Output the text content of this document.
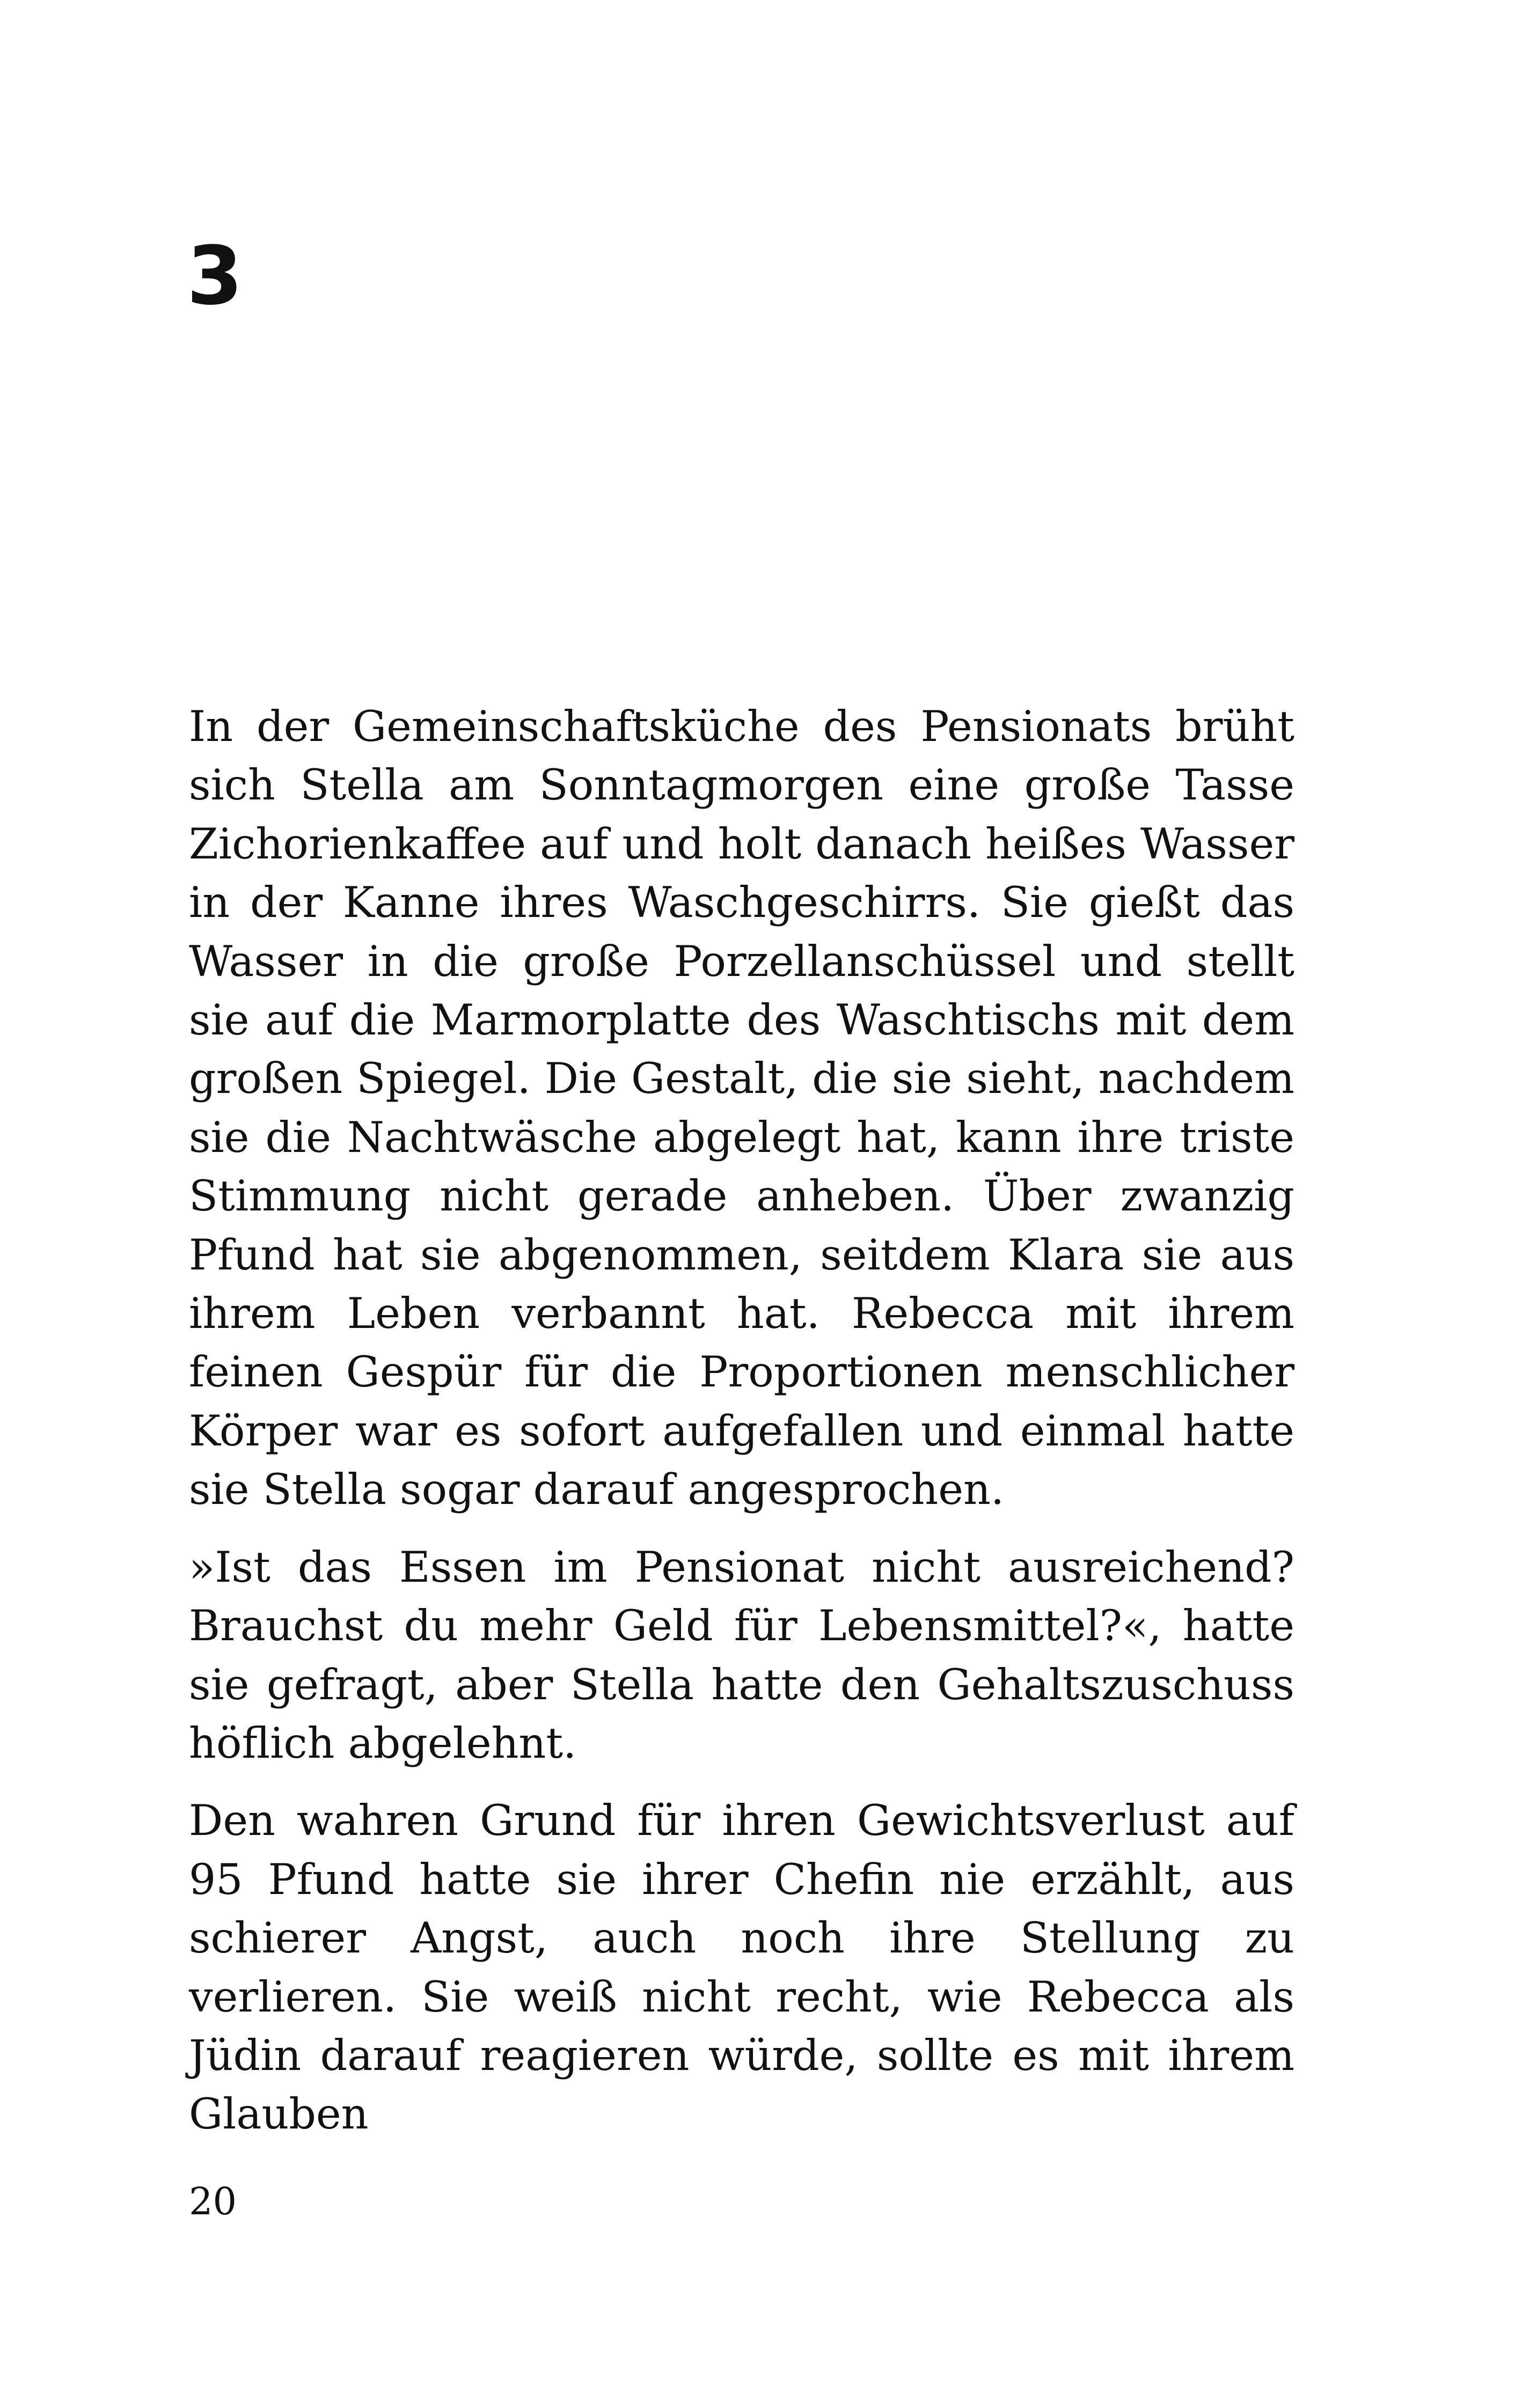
3

In der Gemeinschaftsküche des Pensionats brüht sich Stella am Sonntagmorgen eine große Tasse Zichorienkaffee auf und holt danach heißes Wasser in der Kanne ihres Waschgeschirrs. Sie gießt das Wasser in die große Porzellanschüssel und stellt sie auf die Marmorplatte des Waschtischs mit dem großen Spiegel. Die Gestalt, die sie sieht, nachdem sie die Nachtwäsche abgelegt hat, kann ihre triste Stimmung nicht gerade anheben. Über zwanzig Pfund hat sie abgenommen, seitdem Klara sie aus ihrem Leben verbannt hat. Rebecca mit ihrem feinen Gespür für die Proportionen menschlicher Körper war es sofort aufgefallen und einmal hatte sie Stella sogar darauf angesprochen.

»Ist das Essen im Pensionat nicht ausreichend? Brauchst du mehr Geld für Lebensmittel?«, hatte sie gefragt, aber Stella hatte den Gehaltszuschuss höflich abgelehnt.

Den wahren Grund für ihren Gewichtsverlust auf 95 Pfund hatte sie ihrer Chefin nie erzählt, aus schierer Angst, auch noch ihre Stellung zu verlieren. Sie weiß nicht recht, wie Rebecca als Jüdin darauf reagieren würde, sollte es mit ihrem Glauben

20
